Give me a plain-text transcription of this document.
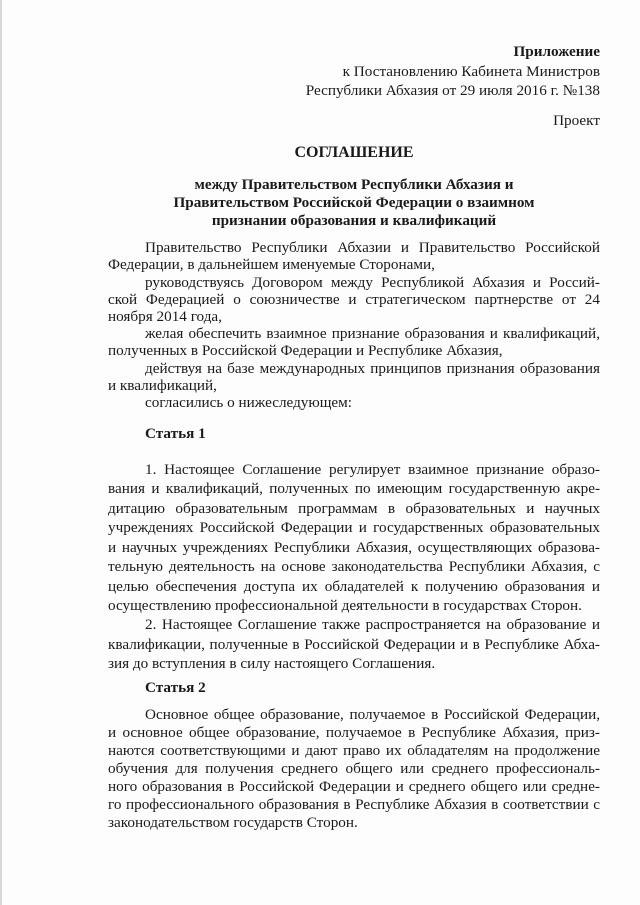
Приложение
к Постановлению Кабинета Министров
Республики Абхазия от 29 июля 2016 г. №138
Проект
СОГЛАШЕНИЕ
между Правительством Республики Абхазия и
Правительством Российской Федерации о взаимном
признании образования и квалификаций
Правительство Республики Абхазии и Правительство Российской
Федерации, в дальнейшем именуемые Сторонами,
руководствуясь Договором между Республикой Абхазия и Россий-
ской Федерацией о союзничестве и стратегическом партнерстве от 24
ноября 2014 года,
желая обеспечить взаимное признание образования и квалификаций,
полученных в Российской Федерации и Республике Абхазия,
действуя на базе международных принципов признания образования
и квалификаций,
согласились о нижеследующем:
Статья 1
1. Настоящее Соглашение регулирует взаимное признание образо-
вания и квалификаций, полученных по имеющим государственную акре-
дитацию образовательным программам в образовательных и научных
учреждениях Российской Федерации и государственных образовательных
и научных учреждениях Республики Абхазия, осуществляющих образова-
тельную деятельность на основе законодательства Республики Абхазия, с
целью обеспечения доступа их обладателей к получению образования и
осуществлению профессиональной деятельности в государствах Сторон.
2. Настоящее Соглашение также распространяется на образование и
квалификации, полученные в Российской Федерации и в Республике Абха-
зия до вступления в силу настоящего Соглашения.
Статья 2
Основное общее образование, получаемое в Российской Федерации,
и основное общее образование, получаемое в Республике Абхазия, приз-
наются соответствующими и дают право их обладателям на продолжение
обучения для получения среднего общего или среднего профессиональ-
ного образования в Российской Федерации и среднего общего или средне-
го профессионального образования в Республике Абхазия в соответствии с
законодательством государств Сторон.
